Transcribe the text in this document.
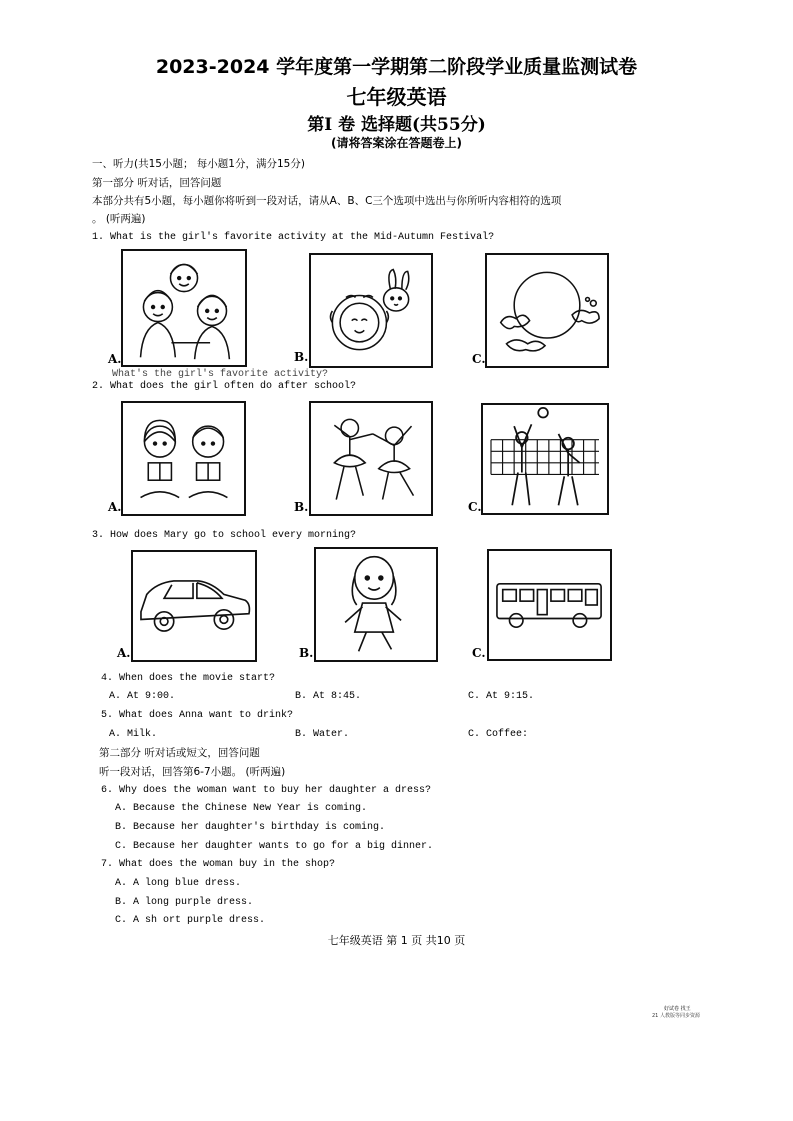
2023-2024 学年度第一学期第二阶段学业质量监测试卷
七年级英语
第Ⅰ 卷 选择题(共55分)
(请将答案涂在答题卷上)
一、听力(共15小题； 每小题1分，满分15分)
第一部分 听对话，回答问题
本部分共有5小题，每小题你将听到一段对话，请从A、B、C三个选项中选出与你所听内容相符的选项
。 (听两遍)
1. What is the girl's favorite activity at the Mid-Autumn Festival?
A.	B.	C.
What's the girl's favorite activity?
2. What does the girl often do after school?
A.	B.	C.
3. How does Mary go to school every morning?
A.	B.	C.
4. When does the movie start?
A. At 9:00.	B. At 8:45.	C. At 9:15.
5. What does Anna want to drink?
A. Milk.	B. Water.	C. Coffee:
第二部分 听对话或短文，回答问题
听一段对话，回答第6-7小题。 (听两遍)
6. Why does the woman want to buy her daughter a dress?
A. Because the Chinese New Year is coming.
B. Because her daughter's birthday is coming.
C. Because her daughter wants to go for a big dinner.
7. What does the woman buy in the shop?
A. A long blue dress.
B. A long purple dress.
C. A sh ort purple dress.
七年级英语 第 1 页 共10 页
好试卷 找王
21 人教版等同步资源
